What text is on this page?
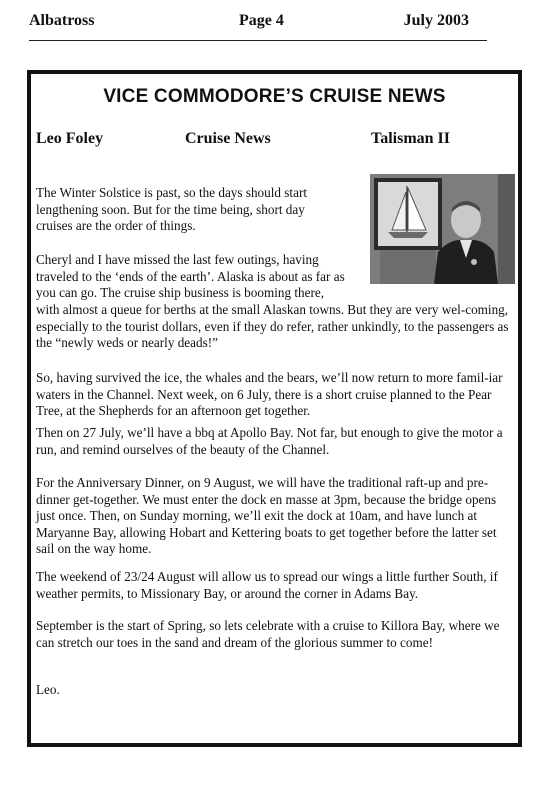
Albatross	Page 4	July 2003
VICE COMMODORE’S CRUISE NEWS
Leo Foley	Cruise News	Talisman II

The Winter Solstice is past, so the days should start lengthening soon. But for the time being, short day cruises are the order of things.

Cheryl and I have missed the last few outings, having
traveled to the ‘ends of the earth’. Alaska is about as far as
you can go. The cruise ship business is booming there,

with almost a queue for berths at the small Alaskan towns. But they are very wel-coming, especially to the tourist dollars, even if they do refer, rather unkindly, to the passengers as the “newly weds or nearly deads!”

So, having survived the ice, the whales and the bears, we’ll now return to more famil-iar waters in the Channel. Next week, on 6 July, there is a short cruise planned to the Pear Tree, at the Shepherds for an afternoon get together.

Then on 27 July, we’ll have a bbq at Apollo Bay. Not far, but enough to give the motor a run, and remind ourselves of the beauty of the Channel.

For the Anniversary Dinner, on 9 August, we will have the traditional raft-up and pre-dinner get-together. We must enter the dock en masse at 3pm, because the bridge opens just once. Then, on Sunday morning, we’ll exit the dock at 10am, and have lunch at Maryanne Bay, allowing Hobart and Kettering boats to get together before the latter set sail on the way home.

The weekend of 23/24 August will allow us to spread our wings a little further South, if weather permits, to Missionary Bay, or around the corner in Adams Bay.

September is the start of Spring, so lets celebrate with a cruise to Killora Bay, where we can stretch our toes in the sand and dream of the glorious summer to come!

Leo.
